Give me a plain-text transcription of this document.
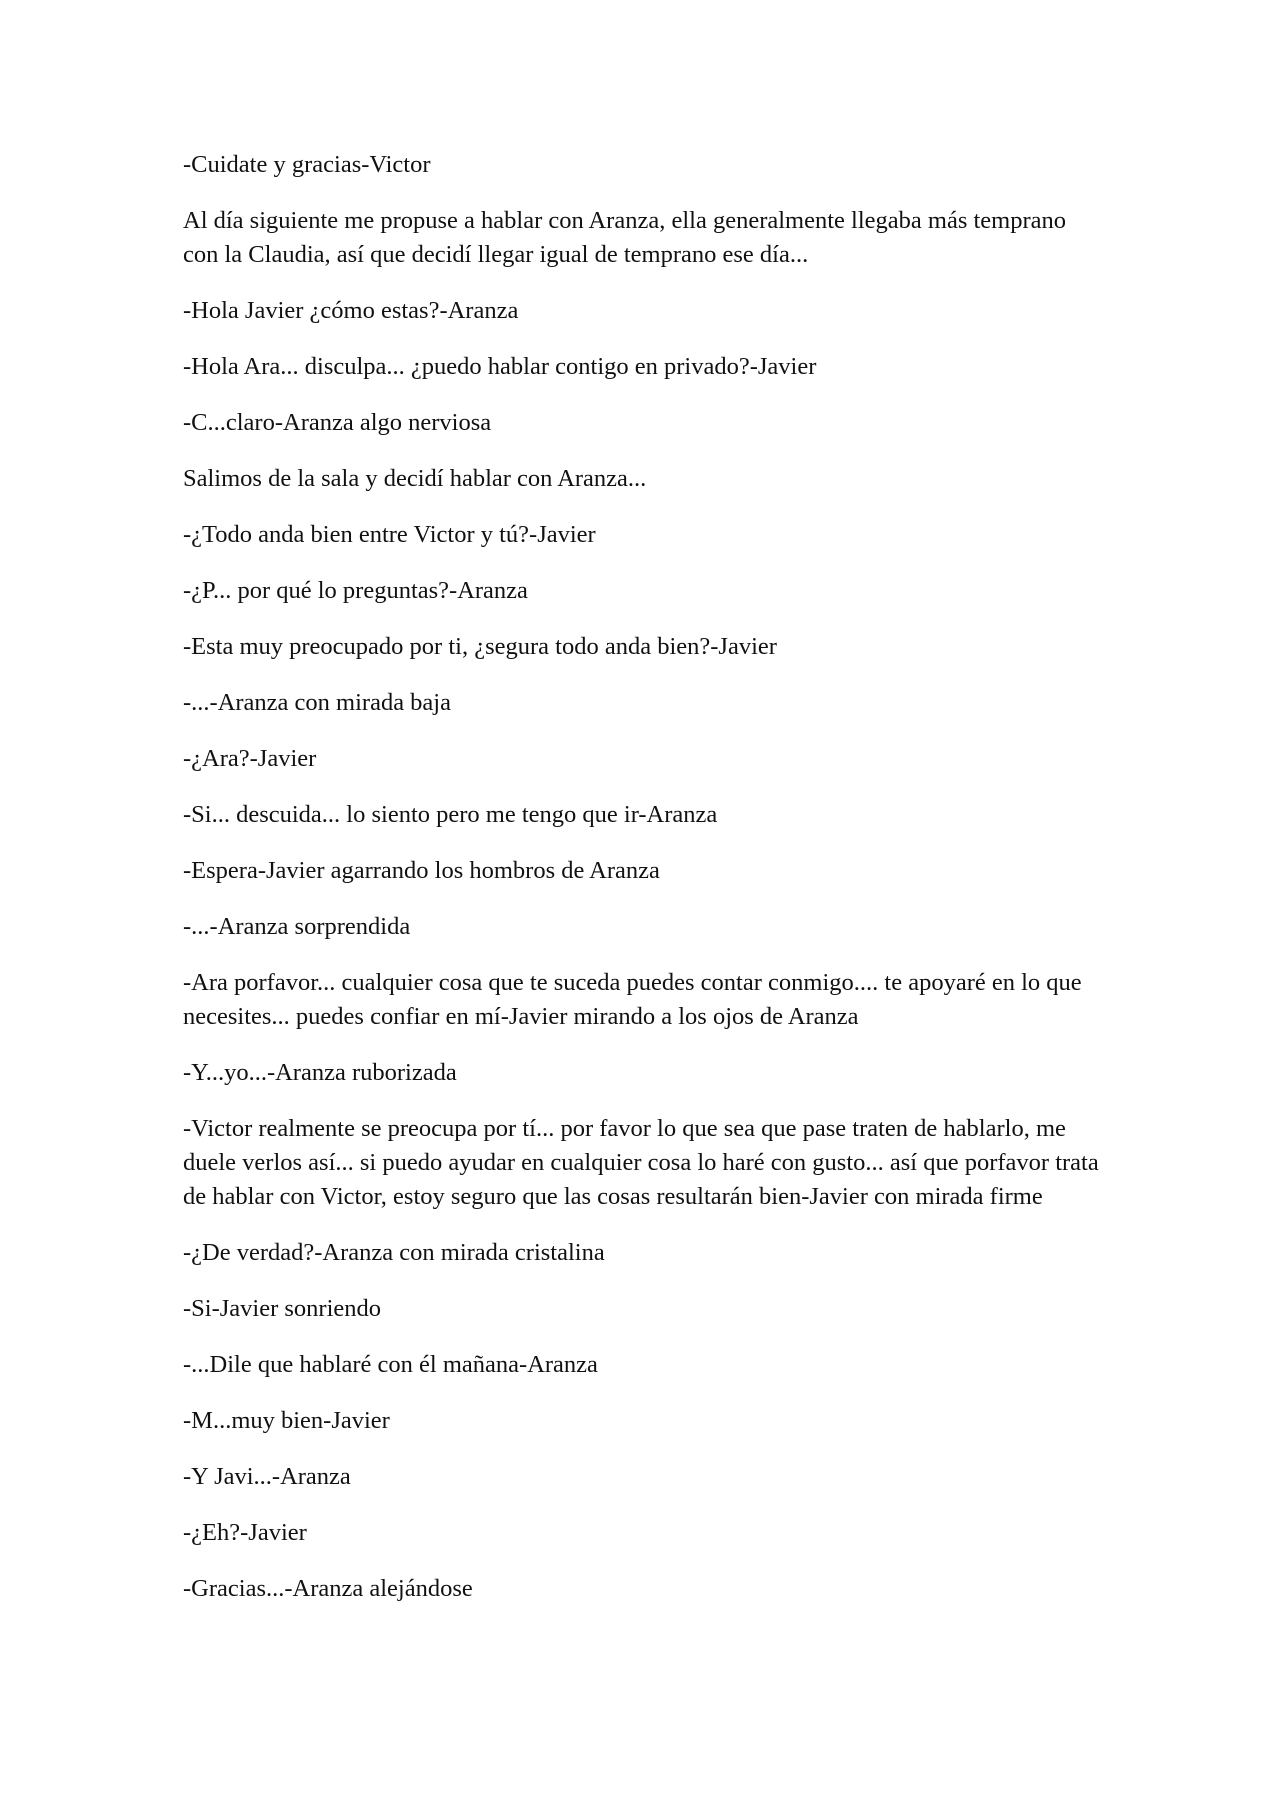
-Cuidate y gracias-Victor

Al día siguiente me propuse a hablar con Aranza, ella generalmente llegaba más temprano con la Claudia, así que decidí llegar igual de temprano ese día...

-Hola Javier ¿cómo estas?-Aranza

-Hola Ara... disculpa... ¿puedo hablar contigo en privado?-Javier

-C...claro-Aranza algo nerviosa

Salimos de la sala y decidí hablar con Aranza...

-¿Todo anda bien entre Victor y tú?-Javier

-¿P... por qué lo preguntas?-Aranza

-Esta muy preocupado por ti, ¿segura todo anda bien?-Javier

-...-Aranza con mirada baja

-¿Ara?-Javier

-Si... descuida... lo siento pero me tengo que ir-Aranza

-Espera-Javier agarrando los hombros de Aranza

-...-Aranza sorprendida

-Ara porfavor... cualquier cosa que te suceda puedes contar conmigo.... te apoyaré en lo que necesites... puedes confiar en mí-Javier mirando a los ojos de Aranza

-Y...yo...-Aranza ruborizada

-Victor realmente se preocupa por tí... por favor lo que sea que pase traten de hablarlo, me duele verlos así... si puedo ayudar en cualquier cosa lo haré con gusto... así que porfavor trata de hablar con Victor, estoy seguro que las cosas resultarán bien-Javier con mirada firme

-¿De verdad?-Aranza con mirada cristalina

-Si-Javier sonriendo

-...Dile que hablaré con él mañana-Aranza

-M...muy bien-Javier

-Y Javi...-Aranza

-¿Eh?-Javier

-Gracias...-Aranza alejándose
